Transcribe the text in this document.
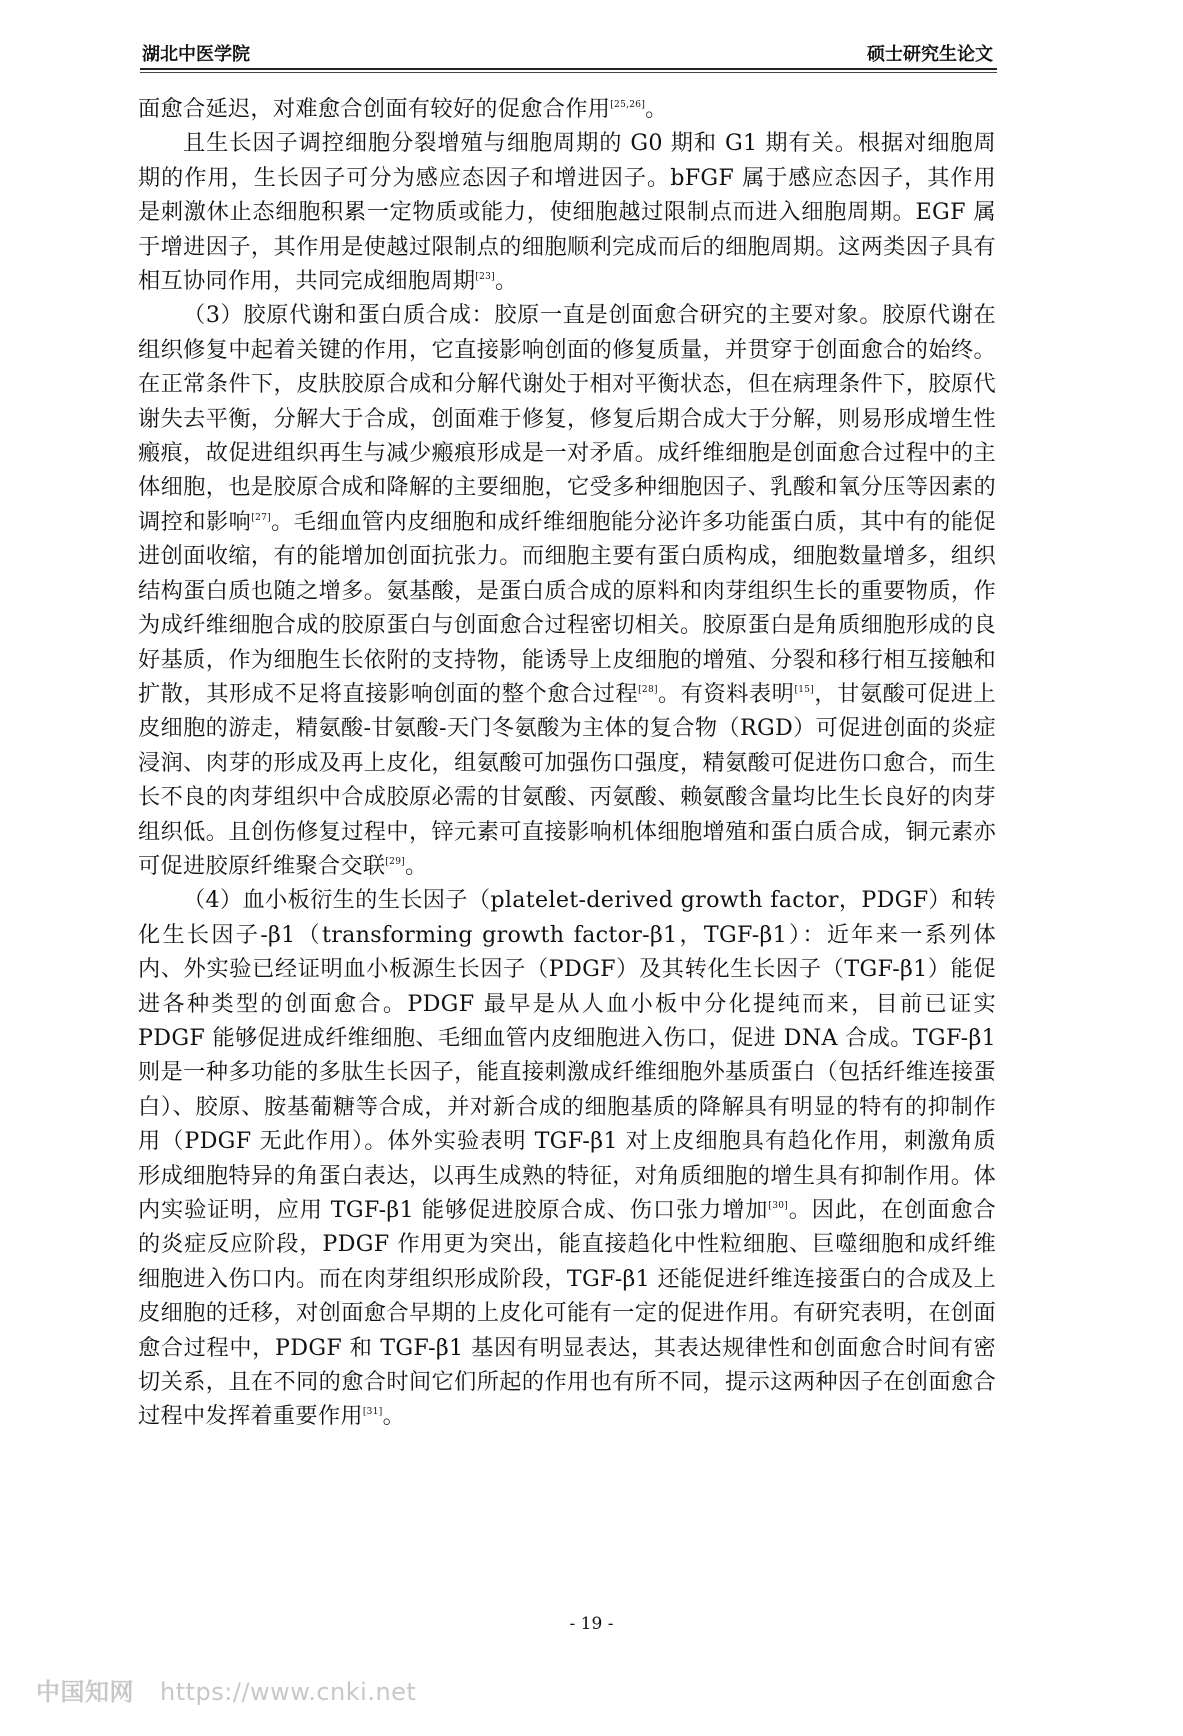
湖北中医学院	硕士研究生论文

面愈合延迟，对难愈合创面有较好的促愈合作用[25,26]。

且生长因子调控细胞分裂增殖与细胞周期的 G0 期和 G1 期有关。根据对细胞周期的作用，生长因子可分为感应态因子和增进因子。bFGF 属于感应态因子，其作用是刺激休止态细胞积累一定物质或能力，使细胞越过限制点而进入细胞周期。EGF 属于增进因子，其作用是使越过限制点的细胞顺利完成而后的细胞周期。这两类因子具有相互协同作用，共同完成细胞周期[23]。

（3）胶原代谢和蛋白质合成：胶原一直是创面愈合研究的主要对象。胶原代谢在组织修复中起着关键的作用，它直接影响创面的修复质量，并贯穿于创面愈合的始终。在正常条件下，皮肤胶原合成和分解代谢处于相对平衡状态，但在病理条件下，胶原代谢失去平衡，分解大于合成，创面难于修复，修复后期合成大于分解，则易形成增生性瘢痕，故促进组织再生与减少瘢痕形成是一对矛盾。成纤维细胞是创面愈合过程中的主体细胞，也是胶原合成和降解的主要细胞，它受多种细胞因子、乳酸和氧分压等因素的调控和影响[27]。毛细血管内皮细胞和成纤维细胞能分泌许多功能蛋白质，其中有的能促进创面收缩，有的能增加创面抗张力。而细胞主要有蛋白质构成，细胞数量增多，组织结构蛋白质也随之增多。氨基酸，是蛋白质合成的原料和肉芽组织生长的重要物质，作为成纤维细胞合成的胶原蛋白与创面愈合过程密切相关。胶原蛋白是角质细胞形成的良好基质，作为细胞生长依附的支持物，能诱导上皮细胞的增殖、分裂和移行相互接触和扩散，其形成不足将直接影响创面的整个愈合过程[28]。有资料表明[15]，甘氨酸可促进上皮细胞的游走，精氨酸-甘氨酸-天门冬氨酸为主体的复合物（RGD）可促进创面的炎症浸润、肉芽的形成及再上皮化，组氨酸可加强伤口强度，精氨酸可促进伤口愈合，而生长不良的肉芽组织中合成胶原必需的甘氨酸、丙氨酸、赖氨酸含量均比生长良好的肉芽组织低。且创伤修复过程中，锌元素可直接影响机体细胞增殖和蛋白质合成，铜元素亦可促进胶原纤维聚合交联[29]。

（4）血小板衍生的生长因子（platelet-derived growth factor，PDGF）和转化生长因子-β1（transforming growth factor-β1，TGF-β1）：近年来一系列体内、外实验已经证明血小板源生长因子（PDGF）及其转化生长因子（TGF-β1）能促进各种类型的创面愈合。PDGF 最早是从人血小板中分化提纯而来，目前已证实 PDGF 能够促进成纤维细胞、毛细血管内皮细胞进入伤口，促进 DNA 合成。TGF-β1 则是一种多功能的多肽生长因子，能直接刺激成纤维细胞外基质蛋白（包括纤维连接蛋白）、胶原、胺基葡糖等合成，并对新合成的细胞基质的降解具有明显的特有的抑制作用（PDGF 无此作用）。体外实验表明 TGF-β1 对上皮细胞具有趋化作用，刺激角质形成细胞特异的角蛋白表达，以再生成熟的特征，对角质细胞的增生具有抑制作用。体内实验证明，应用 TGF-β1 能够促进胶原合成、伤口张力增加[30]。因此，在创面愈合的炎症反应阶段，PDGF 作用更为突出，能直接趋化中性粒细胞、巨噬细胞和成纤维细胞进入伤口内。而在肉芽组织形成阶段，TGF-β1 还能促进纤维连接蛋白的合成及上皮细胞的迁移，对创面愈合早期的上皮化可能有一定的促进作用。有研究表明，在创面愈合过程中，PDGF 和 TGF-β1 基因有明显表达，其表达规律性和创面愈合时间有密切关系，且在不同的愈合时间它们所起的作用也有所不同，提示这两种因子在创面愈合过程中发挥着重要作用[31]。

- 19 -
中国知网 https://www.cnki.net
